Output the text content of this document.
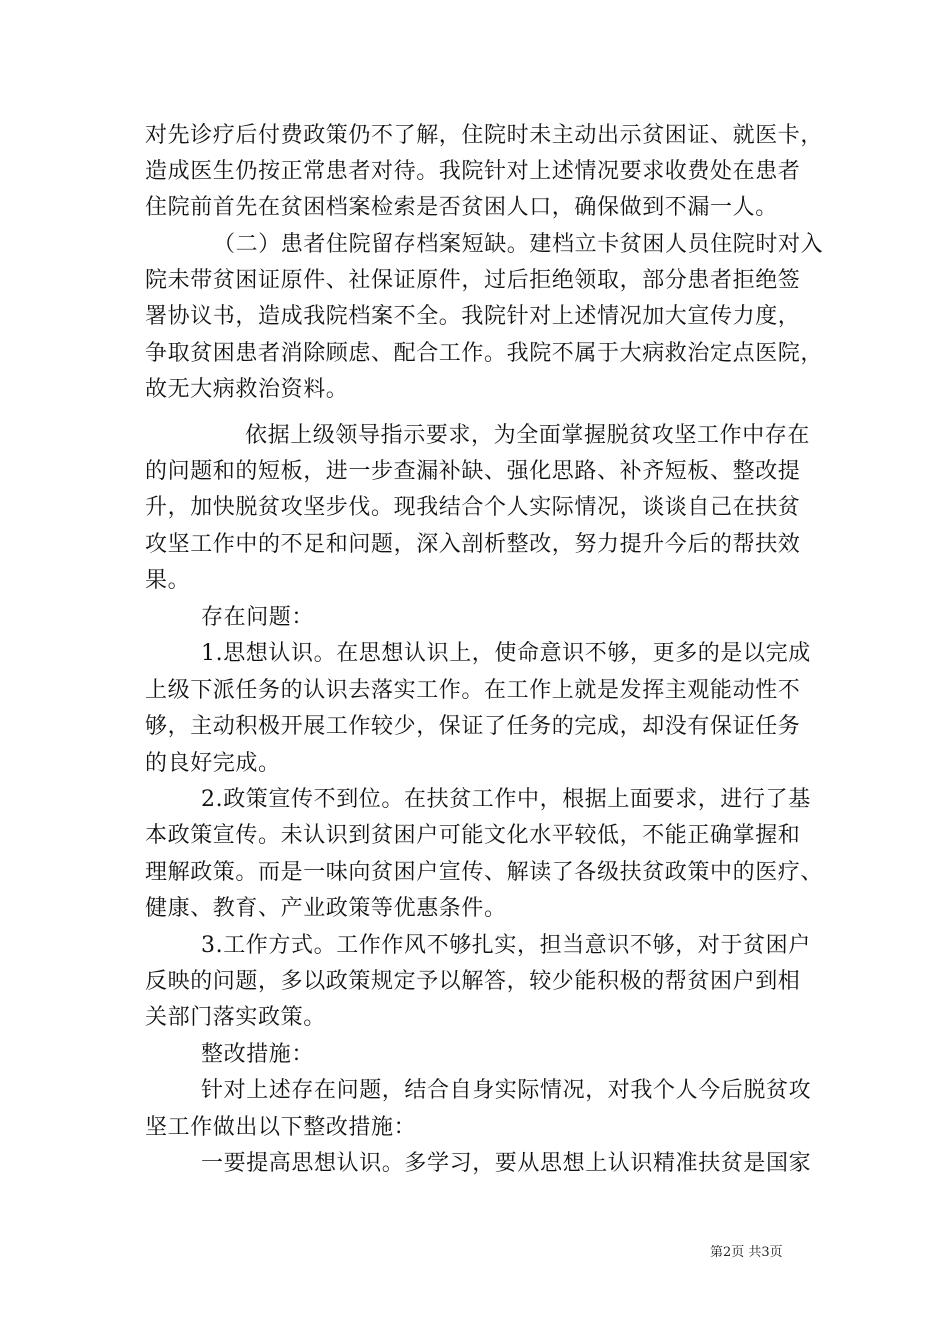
对先诊疗后付费政策仍不了解，住院时未主动出示贫困证、就医卡，
造成医生仍按正常患者对待。我院针对上述情况要求收费处在患者
住院前首先在贫困档案检索是否贫困人口，确保做到不漏一人。
（二）患者住院留存档案短缺。建档立卡贫困人员住院时对入
院未带贫困证原件、社保证原件，过后拒绝领取，部分患者拒绝签
署协议书，造成我院档案不全。我院针对上述情况加大宣传力度，
争取贫困患者消除顾虑、配合工作。我院不属于大病救治定点医院，
故无大病救治资料。
依据上级领导指示要求，为全面掌握脱贫攻坚工作中存在
的问题和的短板，进一步查漏补缺、强化思路、补齐短板、整改提
升，加快脱贫攻坚步伐。现我结合个人实际情况，谈谈自己在扶贫
攻坚工作中的不足和问题，深入剖析整改，努力提升今后的帮扶效
果。
存在问题：
1.思想认识。在思想认识上，使命意识不够，更多的是以完成
上级下派任务的认识去落实工作。在工作上就是发挥主观能动性不
够，主动积极开展工作较少，保证了任务的完成，却没有保证任务
的良好完成。
2.政策宣传不到位。在扶贫工作中，根据上面要求，进行了基
本政策宣传。未认识到贫困户可能文化水平较低，不能正确掌握和
理解政策。而是一味向贫困户宣传、解读了各级扶贫政策中的医疗、
健康、教育、产业政策等优惠条件。
3.工作方式。工作作风不够扎实，担当意识不够，对于贫困户
反映的问题，多以政策规定予以解答，较少能积极的帮贫困户到相
关部门落实政策。
整改措施：
针对上述存在问题，结合自身实际情况，对我个人今后脱贫攻
坚工作做出以下整改措施：
一要提高思想认识。多学习，要从思想上认识精准扶贫是国家
第2页 共3页
